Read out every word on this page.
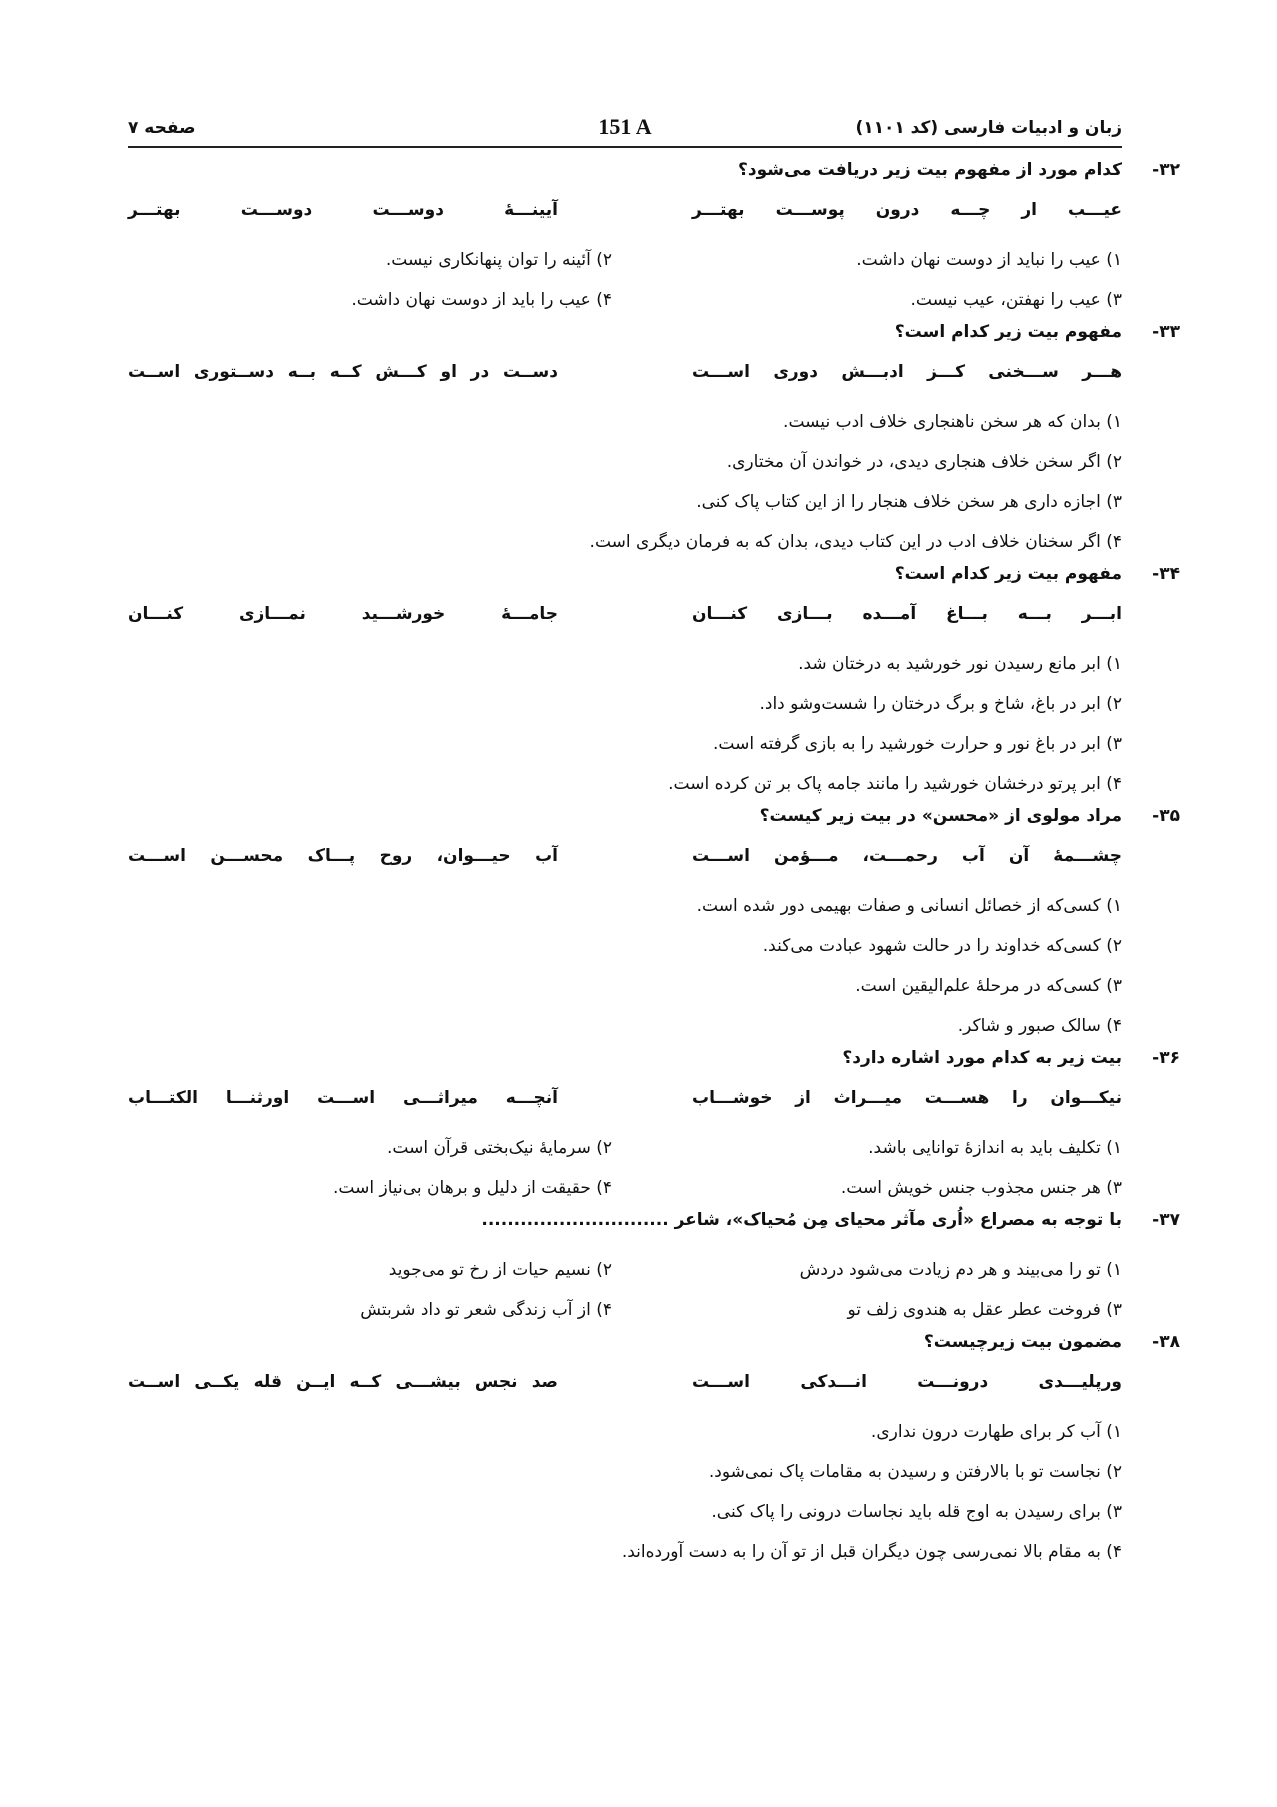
زبان و ادبیات فارسی (کد ۱۱۰۱)
151 A
صفحه ۷
۳۲-
کدام مورد از مفهوم بیت زیر دریافت می‌شود؟
عیـــب ار چـــه درون پوســـت بهتـــر
آیینـــهٔ دوســـت دوســـت بهتـــر
۱) عیب را نباید از دوست نهان داشت.
۲) آئینه را توان پنهانکاری نیست.
۳) عیب را نهفتن، عیب نیست.
۴) عیب را باید از دوست نهان داشت.
۳۳-
مفهوم بیت زیر کدام است؟
هـــر ســـخنی کـــز ادبـــش دوری اســـت
دســت در او کـــش کــه بــه دســتوری اســت
۱) بدان که هر سخن ناهنجاری خلاف ادب نیست.
۲) اگر سخن خلاف هنجاری دیدی، در خواندن آن مختاری.
۳) اجازه داری هر سخن خلاف هنجار را از این کتاب پاک کنی.
۴) اگر سخنان خلاف ادب در این کتاب دیدی، بدان که به فرمان دیگری است.
۳۴-
مفهوم بیت زیر کدام است؟
ابـــر بـــه بـــاغ آمـــده بـــازی کنـــان
جامـــهٔ خورشـــید نمـــازی کنـــان
۱) ابر مانع رسیدن نور خورشید به درختان شد.
۲) ابر در باغ، شاخ و برگ درختان را شست‌وشو داد.
۳) ابر در باغ نور و حرارت خورشید را به بازی گرفته است.
۴) ابر پرتو درخشان خورشید را مانند جامه پاک بر تن کرده است.
۳۵-
مراد مولوی از «محسن» در بیت زیر کیست؟
چشـــمهٔ آن آب رحمـــت، مـــؤمن اســـت
آب حیـــوان، روح پـــاک محســـن اســـت
۱) کسی‌که از خصائل انسانی و صفات بهیمی دور شده است.
۲) کسی‌که خداوند را در حالت شهود عبادت می‌کند.
۳) کسی‌که در مرحلهٔ علم‌الیقین است.
۴) سالک صبور و شاکر.
۳۶-
بیت زیر به کدام مورد اشاره دارد؟
نیکـــوان را هســـت میـــراث از خوشـــاب
آنچـــه میراثـــی اســـت اورثنـــا الکتـــاب
۱) تکلیف باید به اندازهٔ توانایی باشد.
۲) سرمایهٔ نیک‌بختی قرآن است.
۳) هر جنس مجذوب جنس خویش است.
۴) حقیقت از دلیل و برهان بی‌نیاز است.
۳۷-
با توجه به مصراع «اُری مآثر محیای مِن مُحیاک»، شاعر .............................
۱) تو را می‌بیند و هر دم زیادت می‌شود دردش
۲) نسیم حیات از رخ تو می‌جوید
۳) فروخت عطر عقل به هندوی زلف تو
۴) از آب زندگی شعر تو داد شربتش
۳۸-
مضمون بیت زیرچیست؟
ورپلیـــدی درونـــت انـــدکی اســـت
صد نجس بیشـــی کــه ایــن قله یکــی اســت
۱) آب کر برای طهارت درون نداری.
۲) نجاست تو با بالارفتن و رسیدن به مقامات پاک نمی‌شود.
۳) برای رسیدن به اوج قله باید نجاسات درونی را پاک کنی.
۴) به مقام بالا نمی‌رسی چون دیگران قبل از تو آن را به دست آورده‌اند.
